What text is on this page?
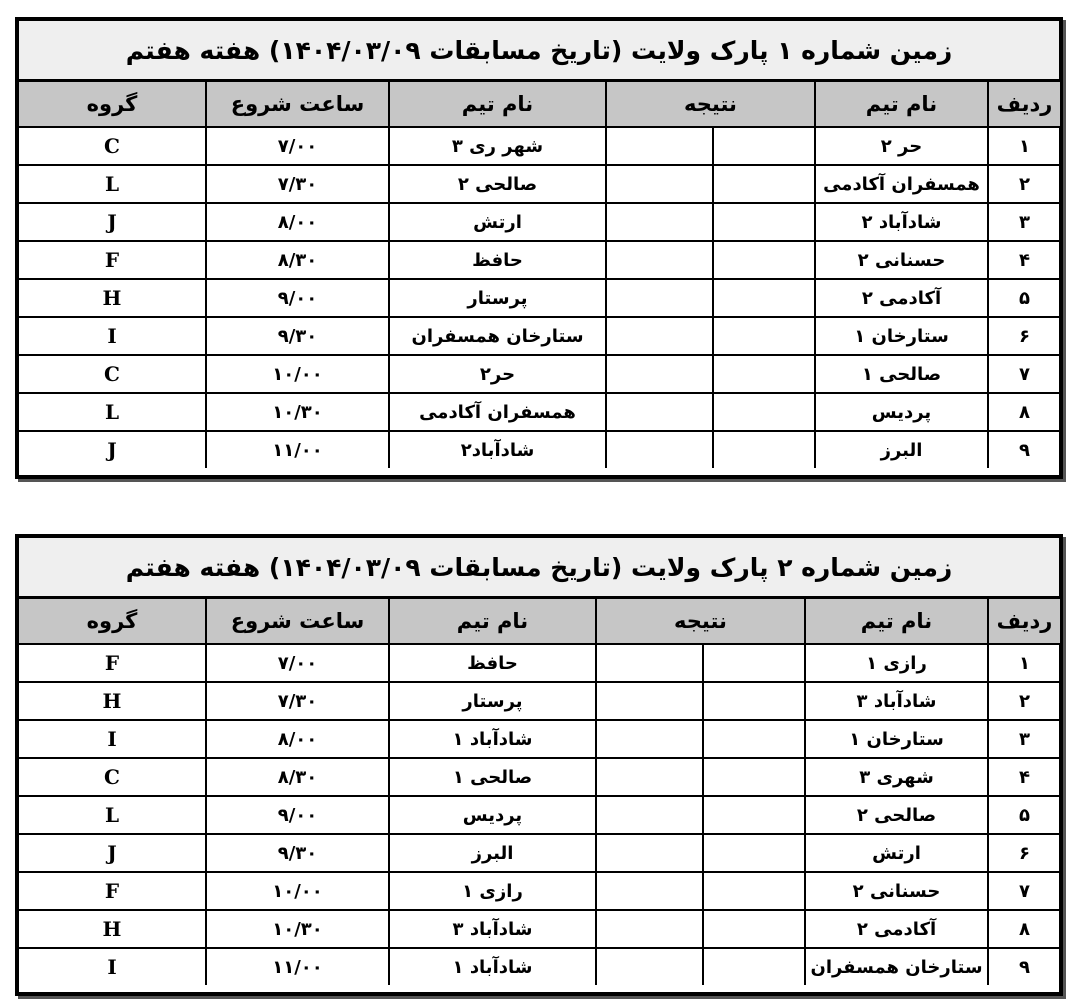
زمین شماره ۱ پارک ولایت (تاریخ مسابقات ۱۴۰۴/۰۳/۰۹) هفته هفتم
ردیف	نام تیم	نتیجه		نام تیم	ساعت شروع	گروه
۱	حر ۲			شهر ری ۳	۷/۰۰	C
۲	همسفران آکادمی			صالحی ۲	۷/۳۰	L
۳	شادآباد ۲			ارتش	۸/۰۰	J
۴	حسنانی ۲			حافظ	۸/۳۰	F
۵	آکادمی ۲			پرستار	۹/۰۰	H
۶	ستارخان ۱			ستارخان همسفران	۹/۳۰	I
۷	صالحی ۱			حر۲	۱۰/۰۰	C
۸	پردیس			همسفران آکادمی	۱۰/۳۰	L
۹	البرز			شادآباد۲	۱۱/۰۰	J
زمین شماره ۲ پارک ولایت (تاریخ مسابقات ۱۴۰۴/۰۳/۰۹) هفته هفتم
ردیف	نام تیم	نتیجه		نام تیم	ساعت شروع	گروه
۱	رازی ۱			حافظ	۷/۰۰	F
۲	شادآباد ۳			پرستار	۷/۳۰	H
۳	ستارخان ۱			شادآباد ۱	۸/۰۰	I
۴	شهری ۳			صالحی ۱	۸/۳۰	C
۵	صالحی ۲			پردیس	۹/۰۰	L
۶	ارتش			البرز	۹/۳۰	J
۷	حسنانی ۲			رازی ۱	۱۰/۰۰	F
۸	آکادمی ۲			شادآباد ۳	۱۰/۳۰	H
۹	ستارخان همسفران			شادآباد ۱	۱۱/۰۰	I
